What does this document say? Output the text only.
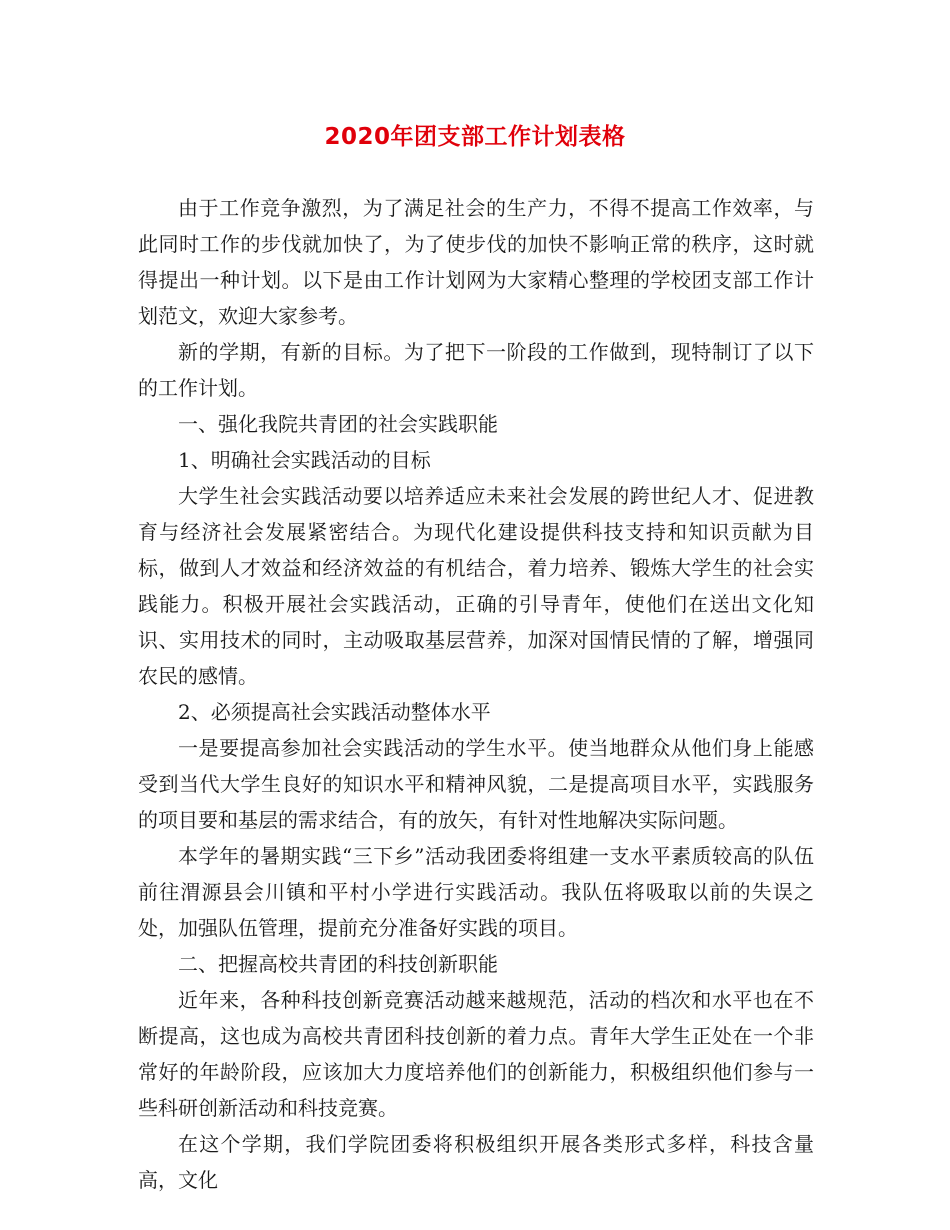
2020年团支部工作计划表格

由于工作竞争激烈，为了满足社会的生产力，不得不提高工作效率，与此同时工作的步伐就加快了，为了使步伐的加快不影响正常的秩序，这时就得提出一种计划。以下是由工作计划网为大家精心整理的学校团支部工作计划范文，欢迎大家参考。

新的学期，有新的目标。为了把下一阶段的工作做到，现特制订了以下的工作计划。

一、强化我院共青团的社会实践职能

1、明确社会实践活动的目标

大学生社会实践活动要以培养适应未来社会发展的跨世纪人才、促进教育与经济社会发展紧密结合。为现代化建设提供科技支持和知识贡献为目标，做到人才效益和经济效益的有机结合，着力培养、锻炼大学生的社会实践能力。积极开展社会实践活动，正确的引导青年，使他们在送出文化知识、实用技术的同时，主动吸取基层营养，加深对国情民情的了解，增强同农民的感情。

2、必须提高社会实践活动整体水平

一是要提高参加社会实践活动的学生水平。使当地群众从他们身上能感受到当代大学生良好的知识水平和精神风貌，二是提高项目水平，实践服务的项目要和基层的需求结合，有的放矢，有针对性地解决实际问题。

本学年的暑期实践“三下乡”活动我团委将组建一支水平素质较高的队伍前往渭源县会川镇和平村小学进行实践活动。我队伍将吸取以前的失误之处，加强队伍管理，提前充分准备好实践的项目。

二、把握高校共青团的科技创新职能

近年来，各种科技创新竞赛活动越来越规范，活动的档次和水平也在不断提高，这也成为高校共青团科技创新的着力点。青年大学生正处在一个非常好的年龄阶段，应该加大力度培养他们的创新能力，积极组织他们参与一些科研创新活动和科技竞赛。

在这个学期，我们学院团委将积极组织开展各类形式多样，科技含量高，文化
